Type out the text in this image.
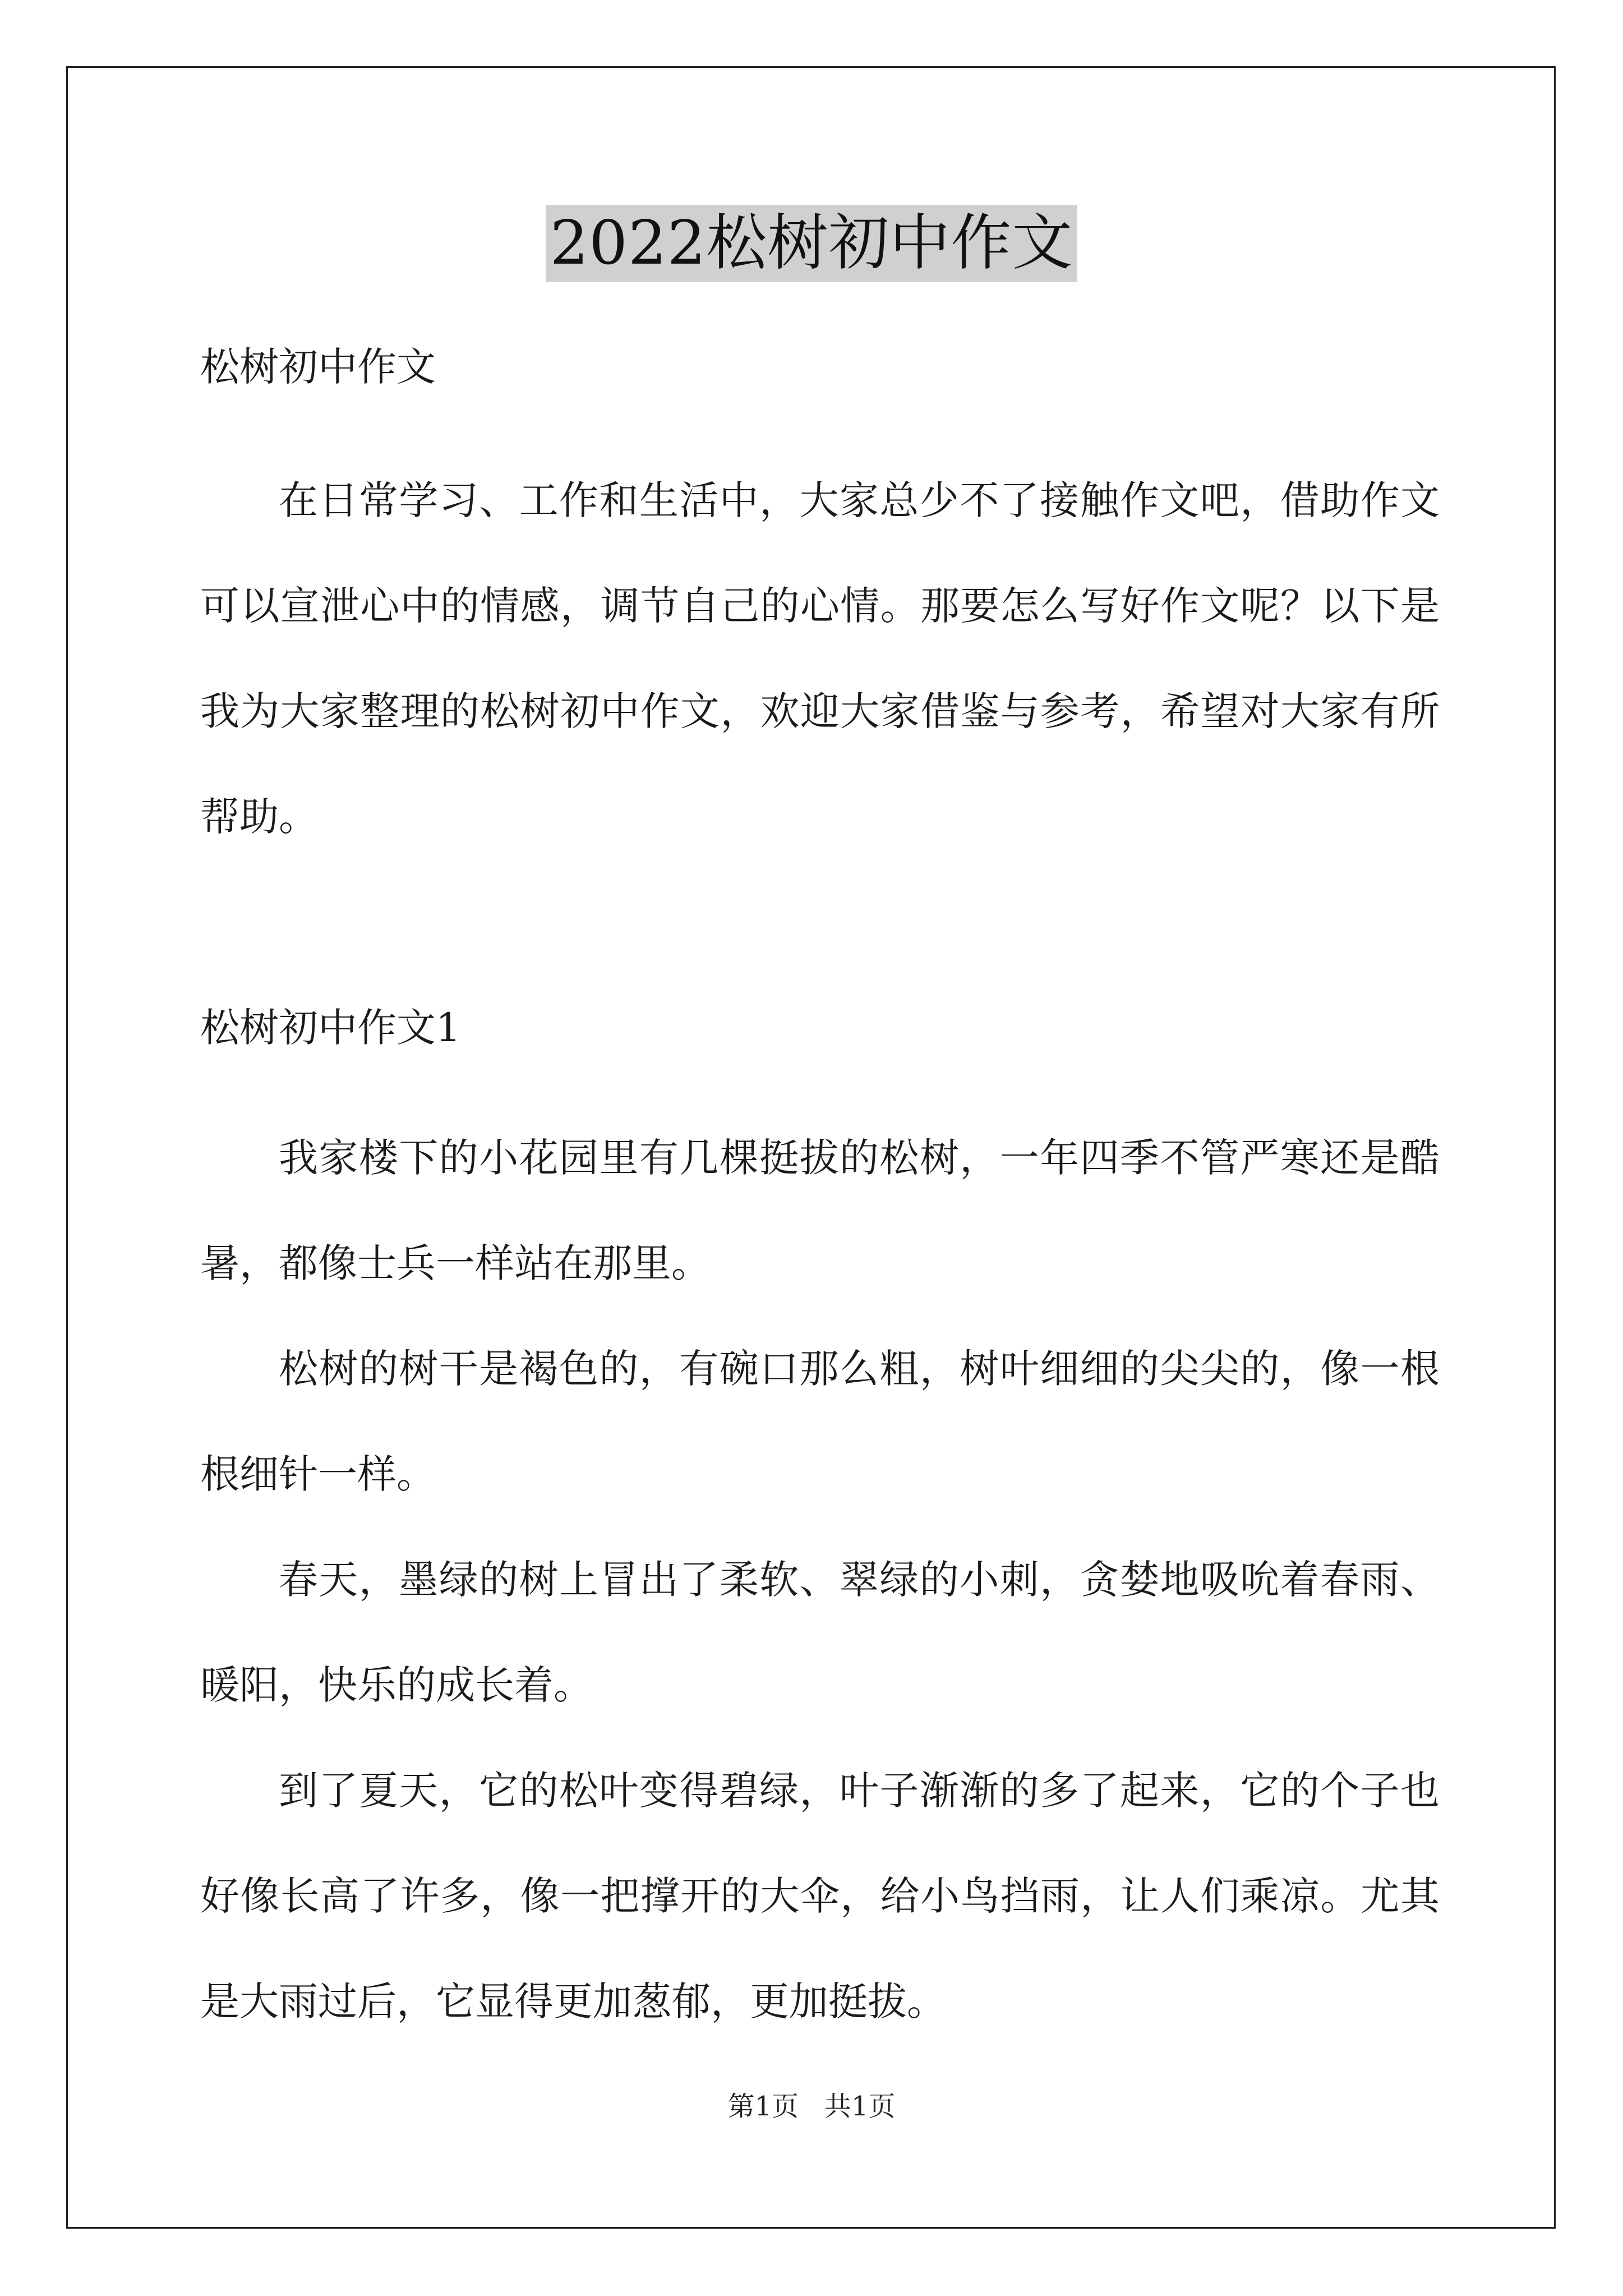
2022松树初中作文

松树初中作文

在日常学习、工作和生活中，大家总少不了接触作文吧，借助作文可以宣泄心中的情感，调节自己的心情。那要怎么写好作文呢？以下是我为大家整理的松树初中作文，欢迎大家借鉴与参考，希望对大家有所帮助。

松树初中作文1

我家楼下的小花园里有几棵挺拔的松树，一年四季不管严寒还是酷暑，都像士兵一样站在那里。

松树的树干是褐色的，有碗口那么粗，树叶细细的尖尖的，像一根根细针一样。

春天，墨绿的树上冒出了柔软、翠绿的小刺，贪婪地吸吮着春雨、暖阳，快乐的成长着。

到了夏天，它的松叶变得碧绿，叶子渐渐的多了起来，它的个子也好像长高了许多，像一把撑开的大伞，给小鸟挡雨，让人们乘凉。尤其是大雨过后，它显得更加葱郁，更加挺拔。

第1页   共1页
